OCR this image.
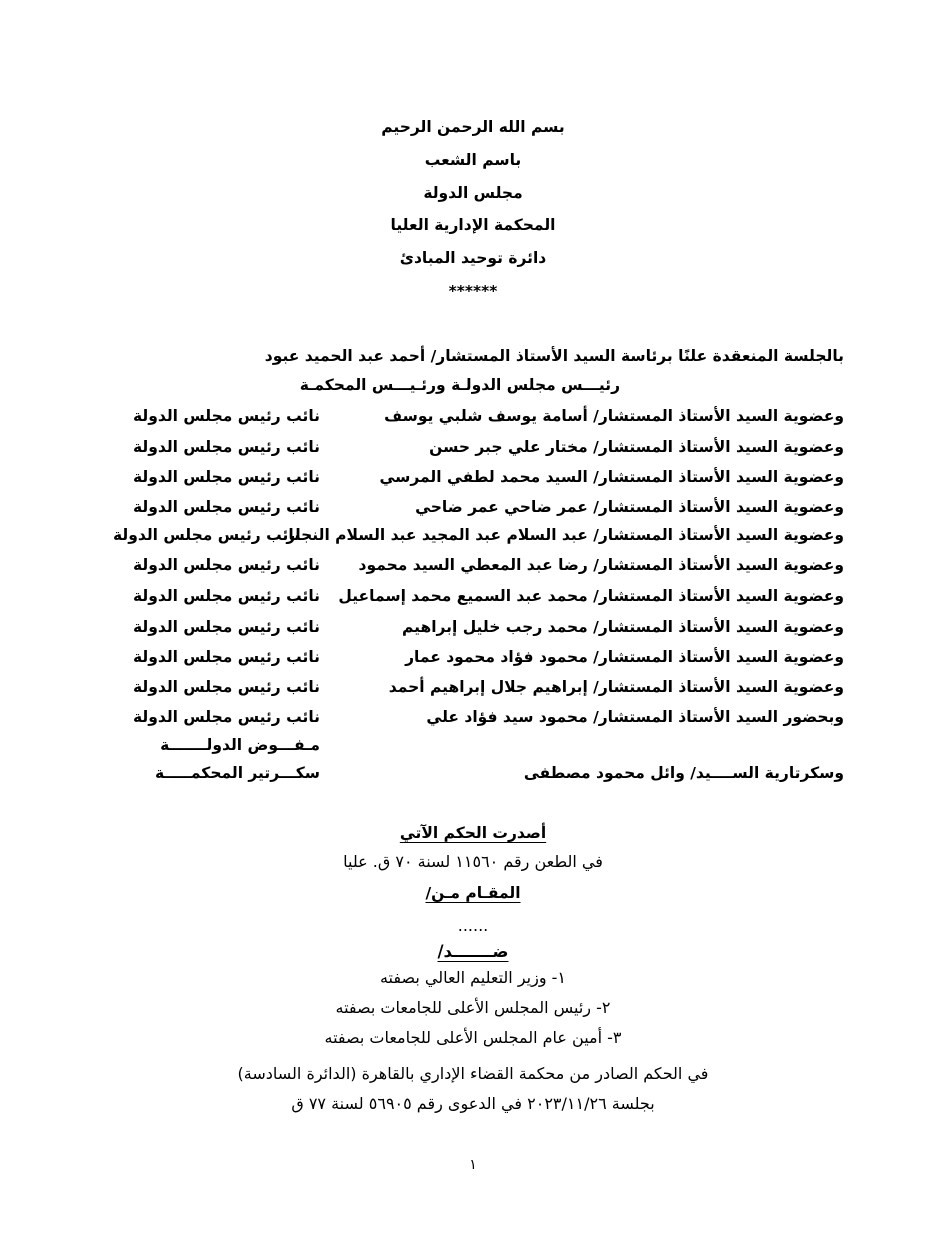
بسم الله الرحمن الرحيم
باسم الشعب
مجلس الدولة
المحكمة الإدارية العليا
دائرة توحيد المبادئ
******
بالجلسة المنعقدة علنًا برئاسة السيد الأستاذ المستشار/ أحمد عبد الحميد عبود
رئيـــس مجلس الدولـة ورئـيـــس المحكمـة
وعضوية السيد الأستاذ المستشار/ أسامة يوسف شلبي يوسف
نائب رئيس مجلس الدولة
وعضوية السيد الأستاذ المستشار/ مختار علي جبر حسن
نائب رئيس مجلس الدولة
وعضوية السيد الأستاذ المستشار/ السيد محمد لطفي المرسي
نائب رئيس مجلس الدولة
وعضوية السيد الأستاذ المستشار/ عمر ضاحي عمر ضاحي
نائب رئيس مجلس الدولة
وعضوية السيد الأستاذ المستشار/ عبد السلام عبد المجيد عبد السلام النجار
نائب رئيس مجلس الدولة
وعضوية السيد الأستاذ المستشار/ رضا عبد المعطي السيد محمود
نائب رئيس مجلس الدولة
وعضوية السيد الأستاذ المستشار/ محمد عبد السميع محمد إسماعيل
نائب رئيس مجلس الدولة
وعضوية السيد الأستاذ المستشار/ محمد رجب خليل إبراهيم
نائب رئيس مجلس الدولة
وعضوية السيد الأستاذ المستشار/ محمود فؤاد محمود عمار
نائب رئيس مجلس الدولة
وعضوية السيد الأستاذ المستشار/ إبراهيم جلال إبراهيم أحمد
نائب رئيس مجلس الدولة
وبحضور السيد الأستاذ المستشار/ محمود سيد فؤاد علي
نائب رئيس مجلس الدولة
مـفـــوض الدولـــــــة
وسكرتارية الســــيد/ وائل محمود مصطفى
سكـــرتير المحكمـــــة
أصدرت الحكم الآتي
في الطعن رقم ١١٥٦٠ لسنة ٧٠ ق. عليا
المقـام مـن/
......
ضـــــــد/
١- وزير التعليم العالي بصفته
٢- رئيس المجلس الأعلى للجامعات بصفته
٣- أمين عام المجلس الأعلى للجامعات بصفته
في الحكم الصادر من محكمة القضاء الإداري بالقاهرة (الدائرة السادسة)
بجلسة ٢٠٢٣/١١/٢٦ في الدعوى رقم ٥٦٩٠٥ لسنة ٧٧ ق
١
